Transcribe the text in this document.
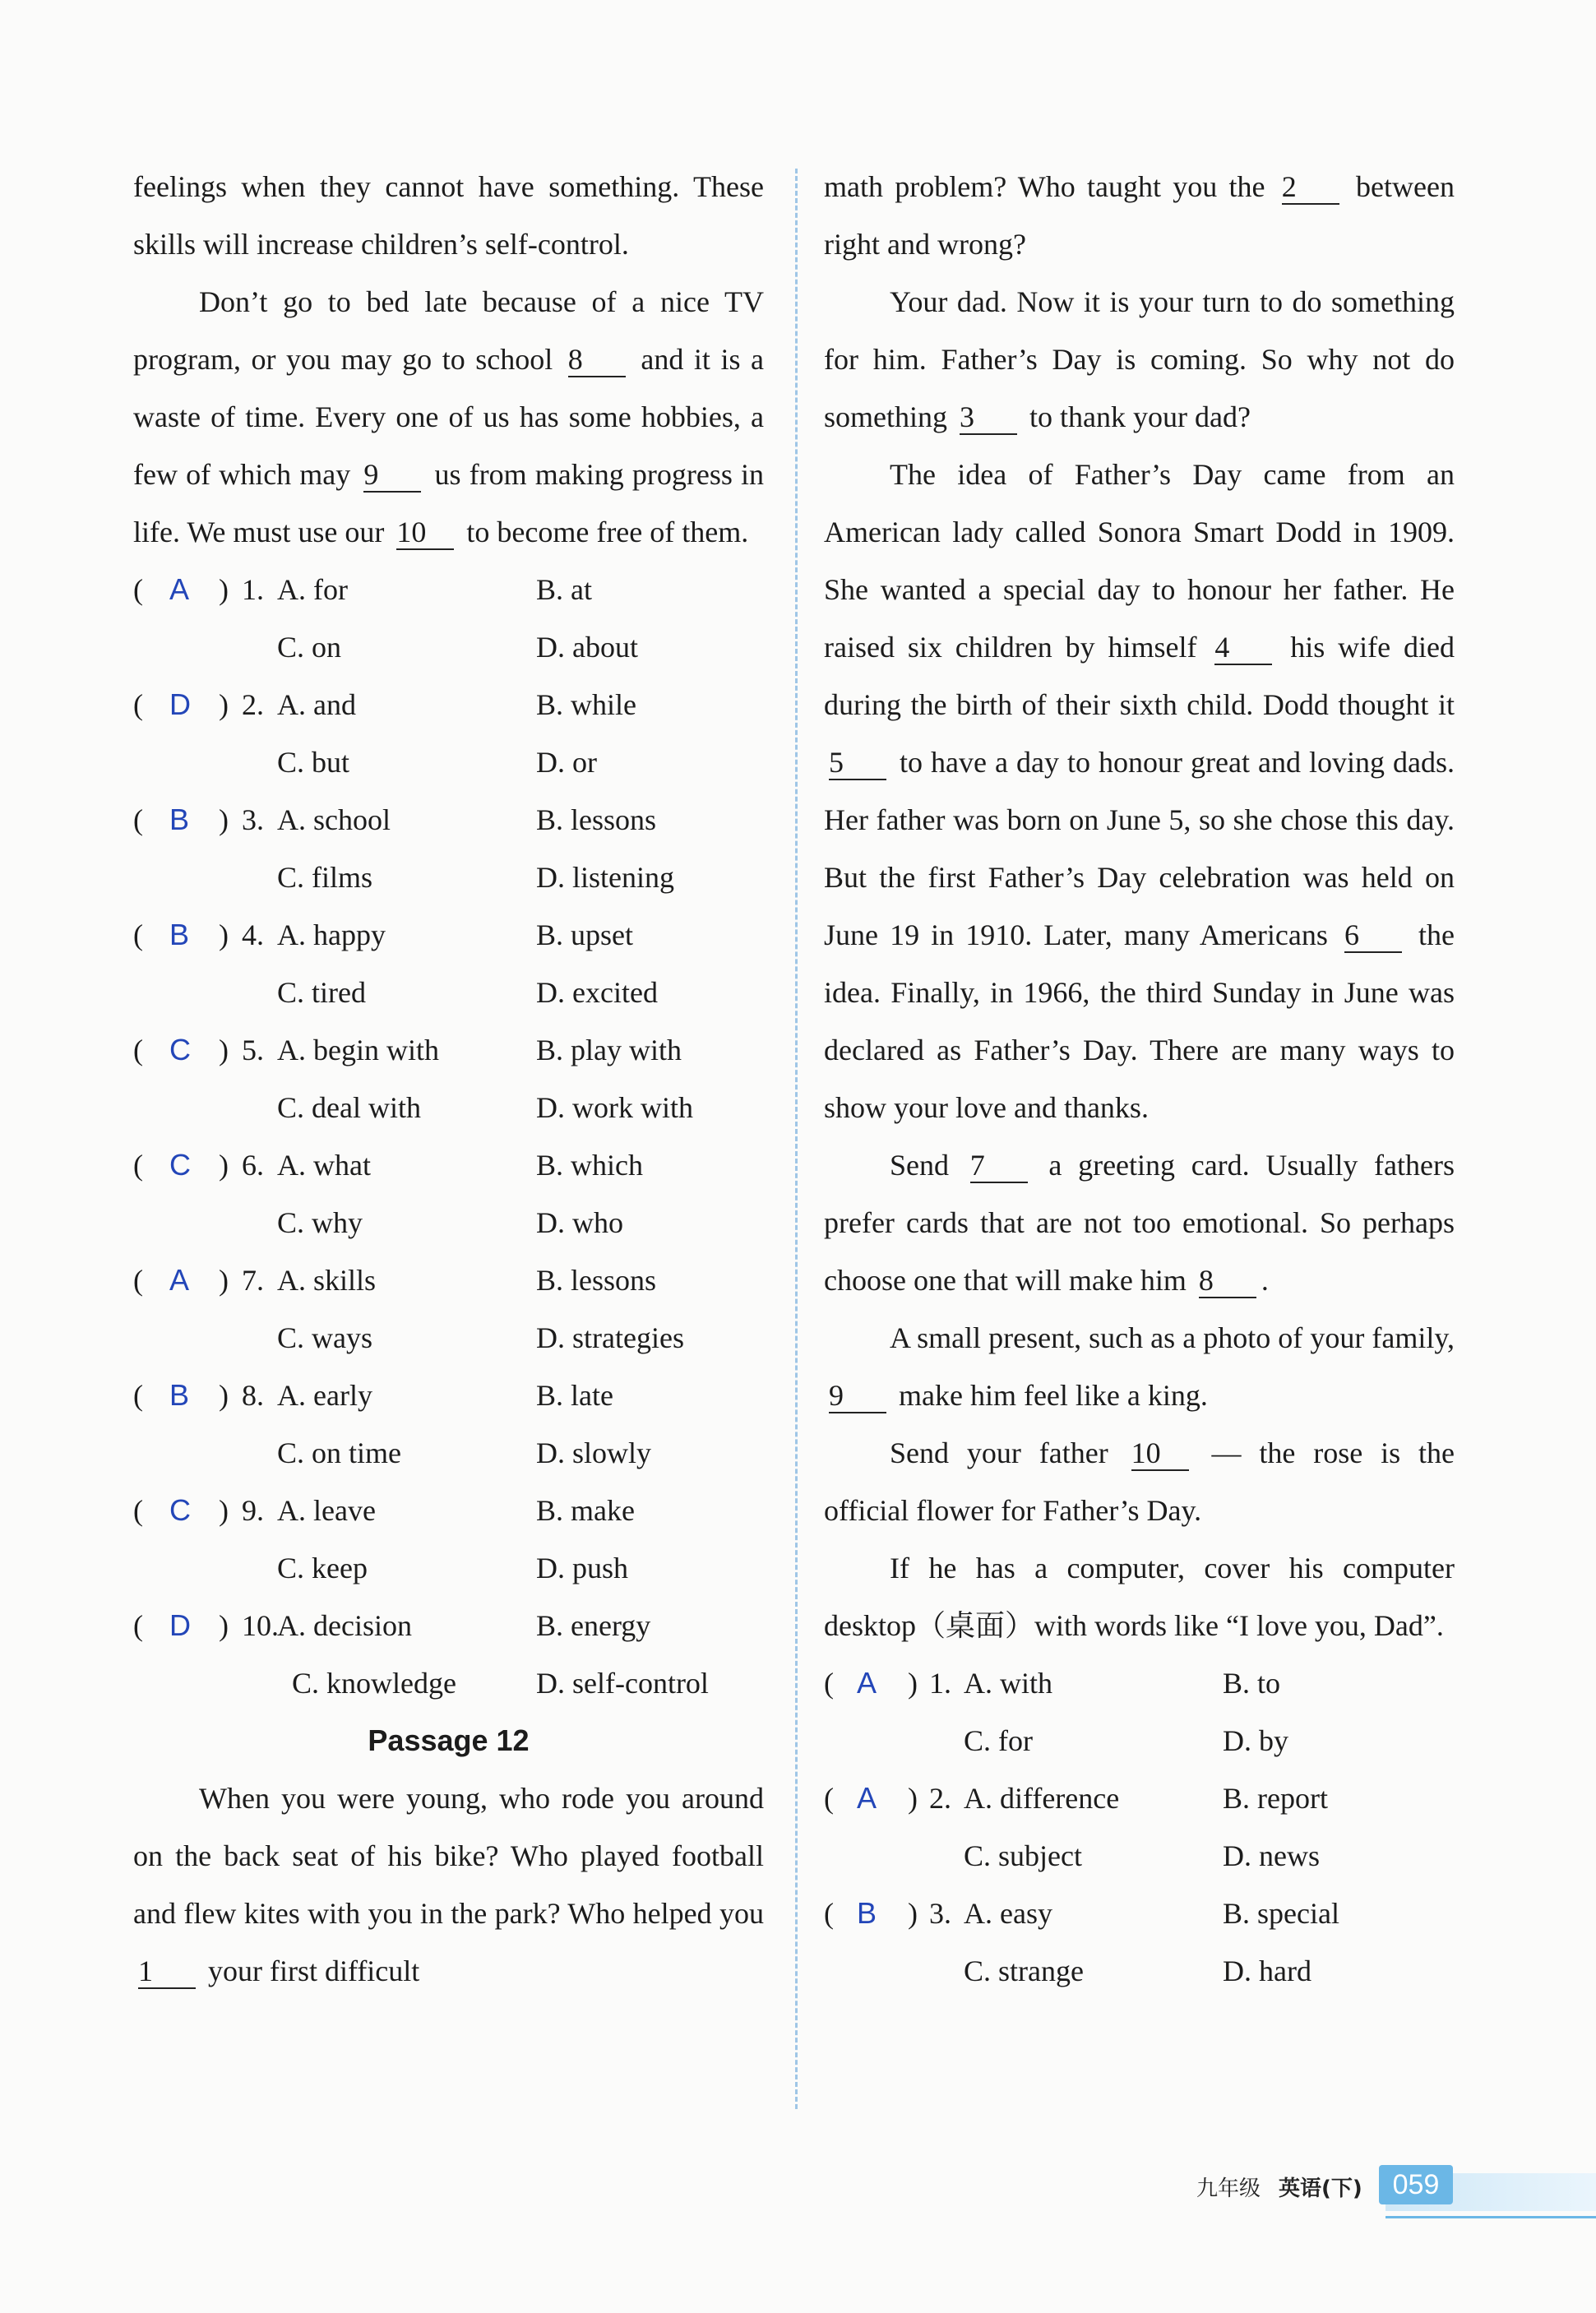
feelings when they cannot have something. These skills will increase children’s self-control.

Don’t go to bed late because of a nice TV program, or you may go to school 8 and it is a waste of time. Every one of us has some hobbies, a few of which may 9 us from making progress in life. We must use our 10 to become free of them.

( A ) 1. A. for	B. at
C. on	D. about
( D ) 2. A. and	B. while
C. but	D. or
( B ) 3. A. school	B. lessons
C. films	D. listening
( B ) 4. A. happy	B. upset
C. tired	D. excited
( C ) 5. A. begin with	B. play with
C. deal with	D. work with
( C ) 6. A. what	B. which
C. why	D. who
( A ) 7. A. skills	B. lessons
C. ways	D. strategies
( B ) 8. A. early	B. late
C. on time	D. slowly
( C ) 9. A. leave	B. make
C. keep	D. push
( D ) 10.
A. decision	B. energy
C. knowledge	D. self-control

Passage 12

When you were young, who rode you around on the back seat of his bike? Who played football and flew kites with you in the park? Who helped you 1 your first difficult

math problem? Who taught you the 2 between right and wrong?

Your dad. Now it is your turn to do something for him. Father’s Day is coming. So why not do something 3 to thank your dad?

The idea of Father’s Day came from an American lady called Sonora Smart Dodd in 1909. She wanted a special day to honour her father. He raised six children by himself 4 his wife died during the birth of their sixth child. Dodd thought it 5 to have a day to honour great and loving dads. Her father was born on June 5, so she chose this day. But the first Father’s Day celebration was held on June 19 in 1910. Later, many Americans 6 the idea. Finally, in 1966, the third Sunday in June was declared as Father’s Day. There are many ways to show your love and thanks.

Send 7 a greeting card. Usually fathers prefer cards that are not too emotional. So perhaps choose one that will make him 8 .

A small present, such as a photo of your family, 9 make him feel like a king.

Send your father 10 — the rose is the official flower for Father’s Day.

If he has a computer, cover his computer desktop（桌面）with words like “I love you, Dad”.

( A ) 1. A. with	B. to
C. for	D. by
( A ) 2. A. difference	B. report
C. subject	D. news
( B ) 3. A. easy	B. special
C. strange	D. hard
九年级 英语(下)	059
